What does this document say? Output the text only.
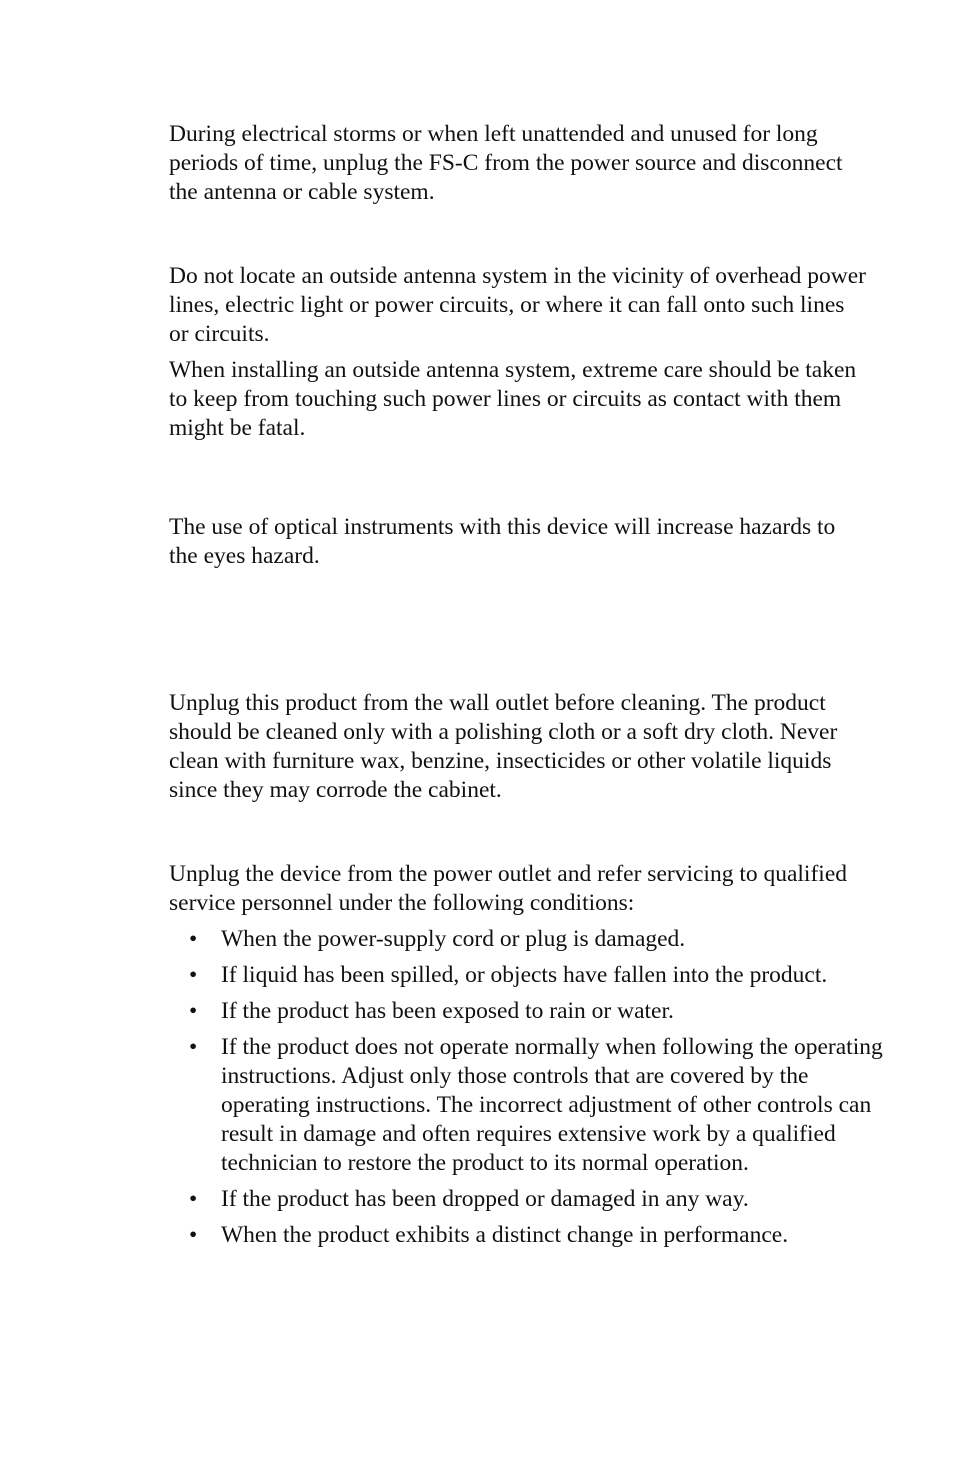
During electrical storms or when left unattended and unused for long periods of time, unplug the FS-C from the power source and disconnect the antenna or cable system.

Do not locate an outside antenna system in the vicinity of overhead power lines, electric light or power circuits, or where it can fall onto such lines or circuits.

When installing an outside antenna system, extreme care should be taken to keep from touching such power lines or circuits as contact with them might be fatal.

The use of optical instruments with this device will increase hazards to the eyes hazard.

Unplug this product from the wall outlet before cleaning. The product should be cleaned only with a polishing cloth or a soft dry cloth. Never clean with furniture wax, benzine, insecticides or other volatile liquids since they may corrode the cabinet.

Unplug the device from the power outlet and refer servicing to qualified service personnel under the following conditions:

• When the power-supply cord or plug is damaged.
• If liquid has been spilled, or objects have fallen into the product.
• If the product has been exposed to rain or water.
• If the product does not operate normally when following the operating instructions. Adjust only those controls that are covered by the operating instructions. The incorrect adjustment of other controls can result in damage and often requires extensive work by a qualified technician to restore the product to its normal operation.
• If the product has been dropped or damaged in any way.
• When the product exhibits a distinct change in performance.
